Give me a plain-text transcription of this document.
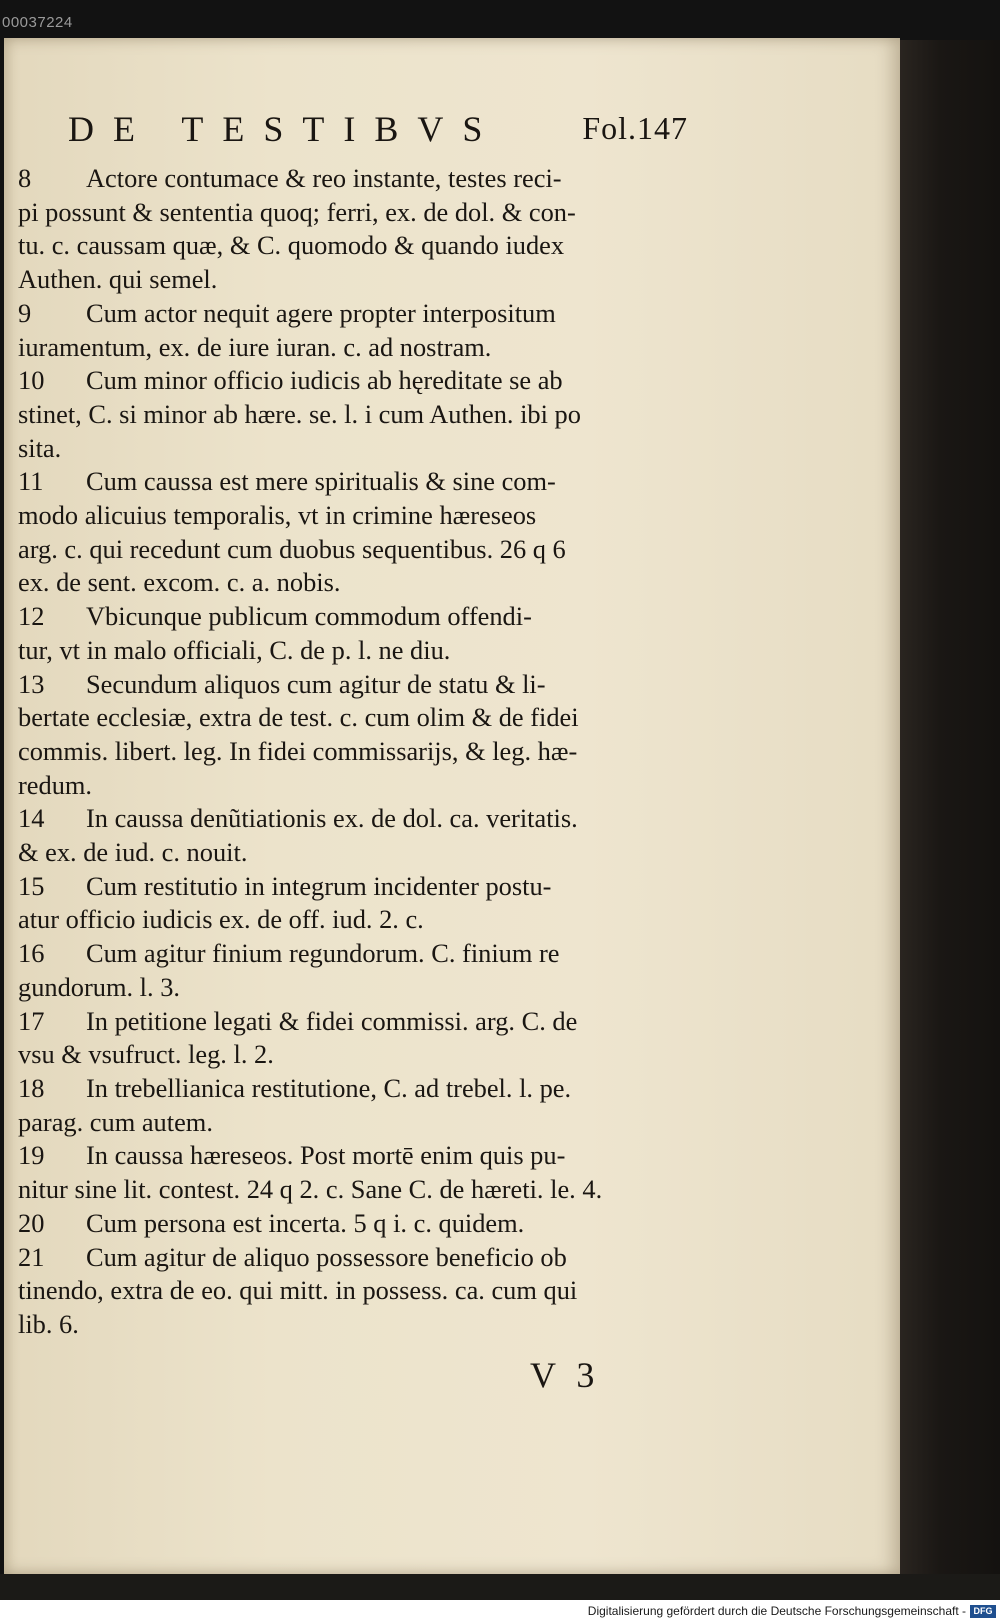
00037224
DE TESTIBVS	Fol.147
8 Actore contumace & reo instante, testes reci-
pi possunt & sententia quoq; ferri, ex. de dol. & con-
tu. c. caussam quæ, & C. quomodo & quando iudex
Authen. qui semel.
9 Cum actor nequit agere propter interpositum
iuramentum, ex. de iure iuran. c. ad nostram.
10 Cum minor officio iudicis ab hęreditate se ab
stinet, C. si minor ab hære. se. l. i cum Authen. ibi po
sita.
11 Cum caussa est mere spiritualis & sine com-
modo alicuius temporalis, vt in crimine hæreseos
arg. c. qui recedunt cum duobus sequentibus. 26 q 6
ex. de sent. excom. c. a. nobis.
12 Vbicunque publicum commodum offendi-
tur, vt in malo officiali, C. de p. l. ne diu.
13 Secundum aliquos cum agitur de statu & li-
bertate ecclesiæ, extra de test. c. cum olim & de fidei
commis. libert. leg. In fidei commissarijs, & leg. hæ-
redum.
14 In caussa denũtiationis ex. de dol. ca. veritatis.
& ex. de iud. c. nouit.
15 Cum restitutio in integrum incidenter postu-
atur officio iudicis ex. de off. iud. 2. c.
16 Cum agitur finium regundorum. C. finium re
gundorum. l. 3.
17 In petitione legati & fidei commissi. arg. C. de
vsu & vsufruct. leg. l. 2.
18 In trebellianica restitutione, C. ad trebel. l. pe.
parag. cum autem.
19 In caussa hæreseos. Post mortē enim quis pu-
nitur sine lit. contest. 24 q 2. c. Sane C. de hæreti. le. 4.
20 Cum persona est incerta. 5 q i. c. quidem.
21 Cum agitur de aliquo possessore beneficio ob
tinendo, extra de eo. qui mitt. in possess. ca. cum qui
lib. 6.
V 3
Digitalisierung gefördert durch die Deutsche Forschungsgemeinschaft - DFG
